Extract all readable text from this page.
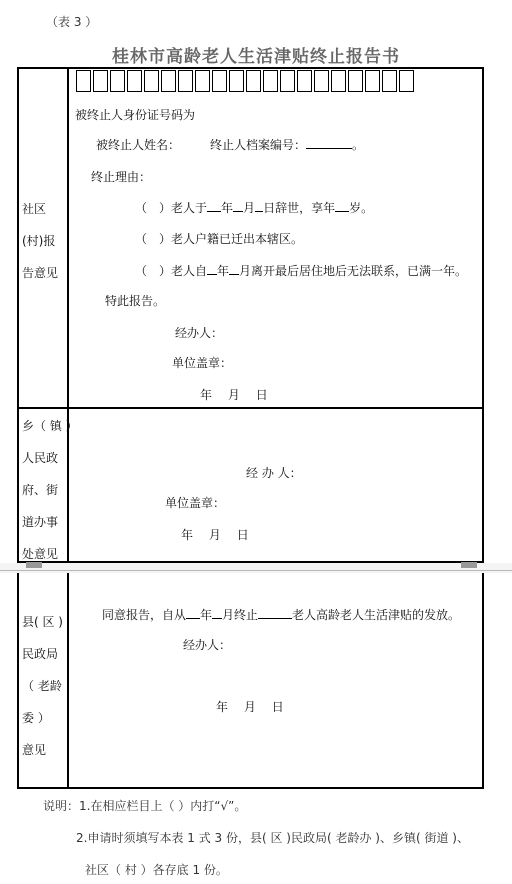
（表 3 ）
桂林市高龄老人生活津贴终止报告书
社区
(村)报
告意见
被终止人身份证号码为
被终止人姓名： 终止人档案编号：	。
终止理由：
（　）老人于 年 月 日辞世，享年 岁。
（　）老人户籍已迁出本辖区。
（　）老人自 年 月离开最后居住地后无法联系，已满一年。
特此报告。
经办人：
单位盖章：
年　 月　 日
乡（ 镇 ）
人民政
府、街
道办事
处意见
经 办 人：
单位盖章：
年　 月　 日
县( 区 )
民政局
（ 老龄
委 ）
意见
同意报告，自从 年 月终止	老人高龄老人生活津贴的发放。
经办人：
年　 月　 日
说明：1.在相应栏目上（ ）内打“√”。
2.申请时须填写本表 1 式 3 份，县( 区 )民政局( 老龄办 )、乡镇( 街道 )、
社区（ 村 ）各存底 1 份。
